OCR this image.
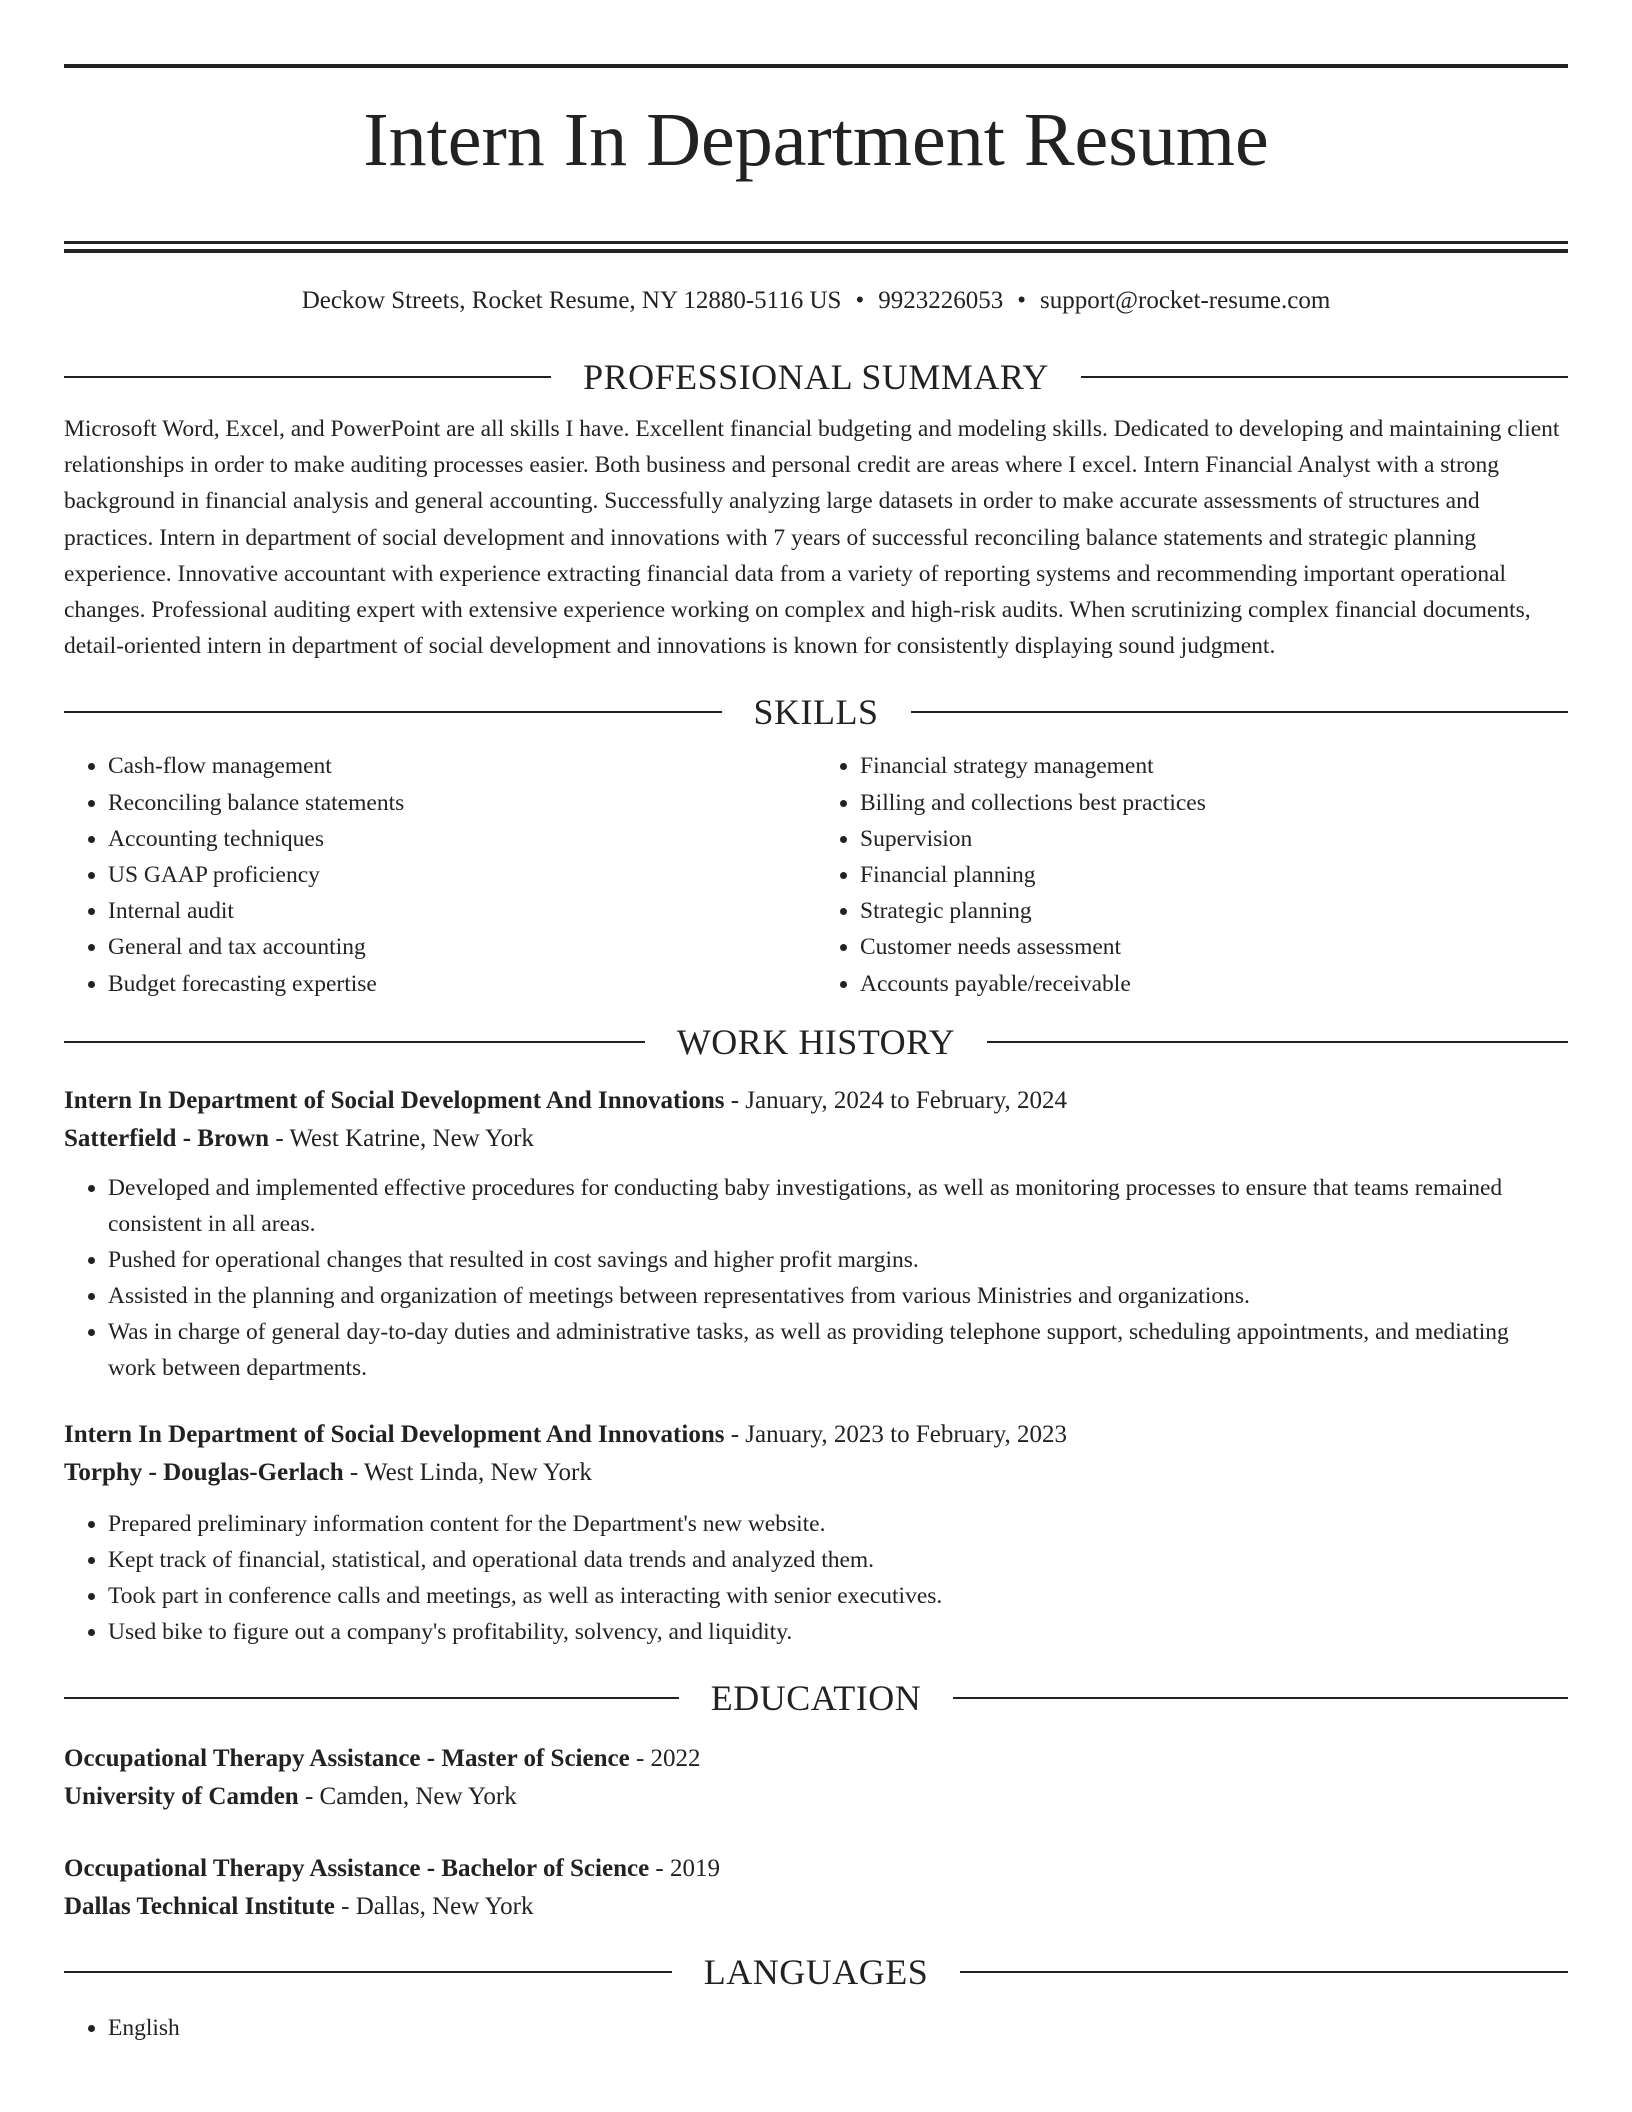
Intern In Department Resume
Deckow Streets, Rocket Resume, NY 12880-5116 US • 9923226053 • support@rocket-resume.com
PROFESSIONAL SUMMARY

Microsoft Word, Excel, and PowerPoint are all skills I have. Excellent financial budgeting and modeling skills. Dedicated to developing and maintaining client relationships in order to make auditing processes easier. Both business and personal credit are areas where I excel. Intern Financial Analyst with a strong background in financial analysis and general accounting. Successfully analyzing large datasets in order to make accurate assessments of structures and practices. Intern in department of social development and innovations with 7 years of successful reconciling balance statements and strategic planning experience. Innovative accountant with experience extracting financial data from a variety of reporting systems and recommending important operational changes. Professional auditing expert with extensive experience working on complex and high-risk audits. When scrutinizing complex financial documents, detail-oriented intern in department of social development and innovations is known for consistently displaying sound judgment.

SKILLS
• Cash-flow management
• Reconciling balance statements
• Accounting techniques
• US GAAP proficiency
• Internal audit
• General and tax accounting
• Budget forecasting expertise
• Financial strategy management
• Billing and collections best practices
• Supervision
• Financial planning
• Strategic planning
• Customer needs assessment
• Accounts payable/receivable
WORK HISTORY
Intern In Department of Social Development And Innovations - January, 2024 to February, 2024
Satterfield - Brown - West Katrine, New York
• Developed and implemented effective procedures for conducting baby investigations, as well as monitoring processes to ensure that teams remained consistent in all areas.
• Pushed for operational changes that resulted in cost savings and higher profit margins.
• Assisted in the planning and organization of meetings between representatives from various Ministries and organizations.
• Was in charge of general day-to-day duties and administrative tasks, as well as providing telephone support, scheduling appointments, and mediating work between departments.
Intern In Department of Social Development And Innovations - January, 2023 to February, 2023
Torphy - Douglas-Gerlach - West Linda, New York
• Prepared preliminary information content for the Department's new website.
• Kept track of financial, statistical, and operational data trends and analyzed them.
• Took part in conference calls and meetings, as well as interacting with senior executives.
• Used bike to figure out a company's profitability, solvency, and liquidity.
EDUCATION
Occupational Therapy Assistance - Master of Science - 2022
University of Camden - Camden, New York
Occupational Therapy Assistance - Bachelor of Science - 2019
Dallas Technical Institute - Dallas, New York
LANGUAGES
• English
